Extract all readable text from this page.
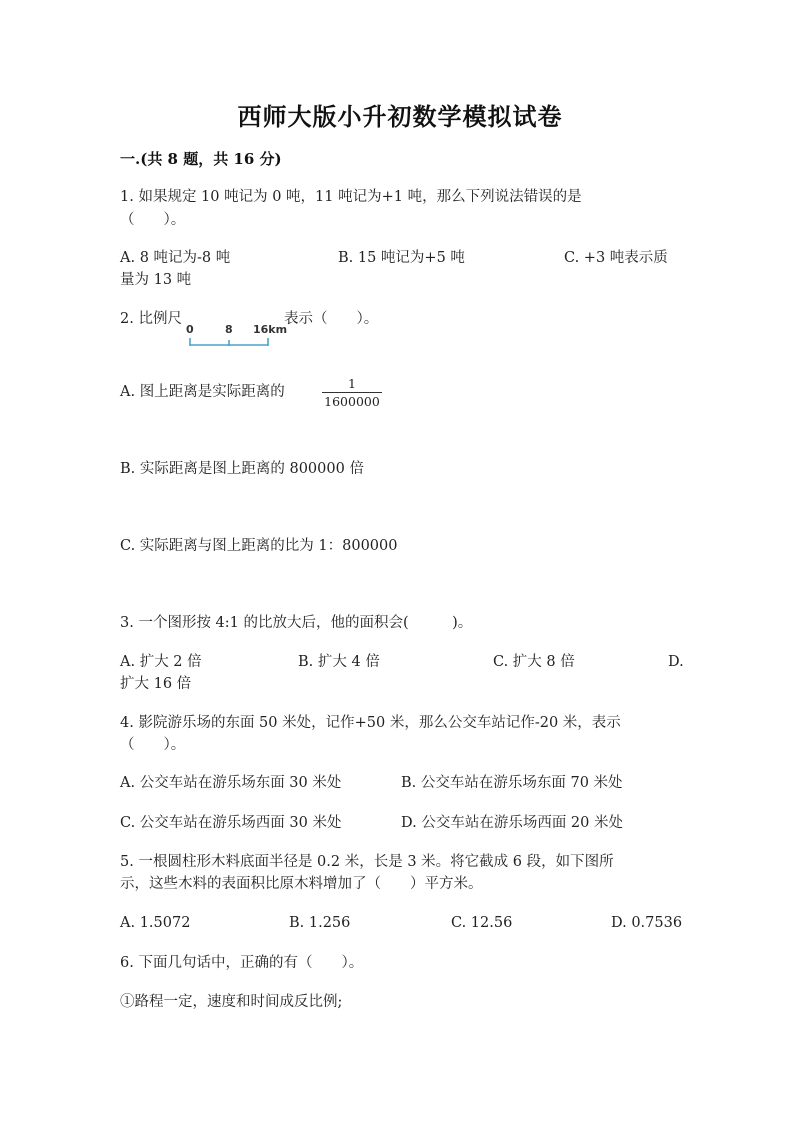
西师大版小升初数学模拟试卷
一.(共 8 题，共 16 分)
1. 如果规定 10 吨记为 0 吨，11 吨记为+1 吨，那么下列说法错误的是
（　　）。
A. 8 吨记为-8 吨	B. 15 吨记为+5 吨	C. +3 吨表示质
量为 13 吨
2. 比例尺
0	8 16km
表示（　　）。
A. 图上距离是实际距离的
1
1600000
B. 实际距离是图上距离的 800000 倍
C. 实际距离与图上距离的比为 1：800000
3. 一个图形按 4:1 的比放大后，他的面积会(　　　)。
A. 扩大 2 倍	B. 扩大 4 倍	C. 扩大 8 倍	D.
扩大 16 倍
4. 影院游乐场的东面 50 米处，记作+50 米，那么公交车站记作-20 米，表示
（　　）。
A. 公交车站在游乐场东面 30 米处	B. 公交车站在游乐场东面 70 米处
C. 公交车站在游乐场西面 30 米处	D. 公交车站在游乐场西面 20 米处
5. 一根圆柱形木料底面半径是 0.2 米，长是 3 米。将它截成 6 段，如下图所
示，这些木料的表面积比原木料增加了（　　）平方米。
A. 1.5072	B. 1.256	C. 12.56	D. 0.7536
6. 下面几句话中，正确的有（　　）。
①路程一定，速度和时间成反比例;
